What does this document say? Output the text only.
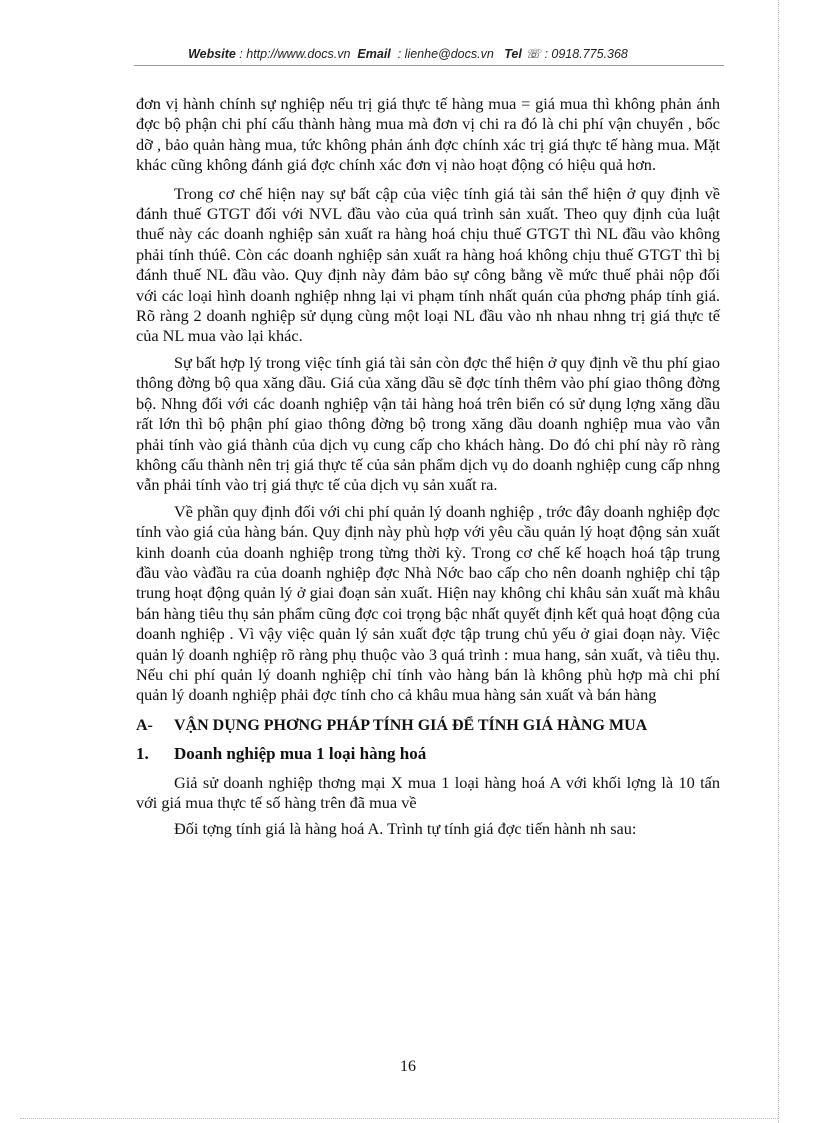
Website : http://www.docs.vn Email : lienhe@docs.vn Tel ☏ : 0918.775.368

đơn vị hành chính sự nghiệp nếu trị giá thực tế hàng mua = giá mua thì không phản ánh đợc bộ phận chi phí cấu thành hàng mua mà đơn vị chi ra đó là chi phí vận chuyển , bốc dỡ , bảo quản hàng mua, tức không phản ánh đợc chính xác trị giá thực tế hàng mua. Mặt khác cũng không đánh giá đợc chính xác đơn vị nào hoạt động có hiệu quả hơn.

Trong cơ chế hiện nay sự bất cập của việc tính giá tài sản thể hiện ở quy định về đánh thuế GTGT đối với NVL đầu vào của quá trình sản xuất. Theo quy định của luật thuế này các doanh nghiệp sản xuất ra hàng hoá chịu thuế GTGT thì NL đầu vào không phải tính thúê. Còn các doanh nghiệp sản xuất ra hàng hoá không chịu thuế GTGT thì bị đánh thuế NL đầu vào. Quy định này đảm bảo sự công bằng về mức thuế phải nộp đối với các loại hình doanh nghiệp nhng lại vi phạm tính nhất quán của phơng pháp tính giá. Rõ ràng 2 doanh nghiệp sử dụng cùng một loại NL đầu vào nh nhau nhng trị giá thực tế của NL mua vào lại khác.

Sự bất hợp lý trong việc tính giá tài sản còn đợc thể hiện ở quy định về thu phí giao thông đờng bộ qua xăng dầu. Giá của xăng dầu sẽ đợc tính thêm vào phí giao thông đờng bộ. Nhng đối với các doanh nghiệp vận tải hàng hoá trên biển có sử dụng lợng xăng dầu rất lớn thì bộ phận phí giao thông đờng bộ trong xăng dầu doanh nghiệp mua vào vẫn phải tính vào giá thành của dịch vụ cung cấp cho khách hàng. Do đó chi phí này rõ ràng không cấu thành nên trị giá thực tế của sản phẩm dịch vụ do doanh nghiệp cung cấp nhng vẫn phải tính vào trị giá thực tế của dịch vụ sản xuất ra.

Về phần quy định đối với chi phí quản lý doanh nghiệp , trớc đây doanh nghiệp đợc tính vào giá của hàng bán. Quy định này phù hợp với yêu cầu quản lý hoạt động sản xuất kinh doanh của doanh nghiệp trong từng thời kỳ. Trong cơ chế kế hoạch hoá tập trung đầu vào vàđầu ra của doanh nghiệp đợc Nhà Nớc bao cấp cho nên doanh nghiệp chỉ tập trung hoạt động quản lý ở giai đoạn sản xuất. Hiện nay không chỉ khâu sản xuất mà khâu bán hàng tiêu thụ sản phẩm cũng đợc coi trọng bậc nhất quyết định kết quả hoạt động của doanh nghiệp . Vì vậy việc quản lý sản xuất đợc tập trung chủ yếu ở giai đoạn này. Việc quản lý doanh nghiệp rõ ràng phụ thuộc vào 3 quá trình : mua hang, sản xuất, và tiêu thụ. Nếu chi phí quản lý doanh nghiệp chỉ tính vào hàng bán là không phù hợp mà chi phí quản lý doanh nghiệp phải đợc tính cho cả khâu mua hàng sản xuất và bán hàng

A-	VẬN DỤNG PHƠNG PHÁP TÍNH GIÁ ĐỂ TÍNH GIÁ HÀNG MUA
1.	Doanh nghiệp mua 1 loại hàng hoá

Giả sử doanh nghiệp thơng mại X mua 1 loại hàng hoá A với khối lợng là 10 tấn với giá mua thực tế số hàng trên đã mua về

Đối tợng tính giá là hàng hoá A. Trình tự tính giá đợc tiến hành nh sau:

16
